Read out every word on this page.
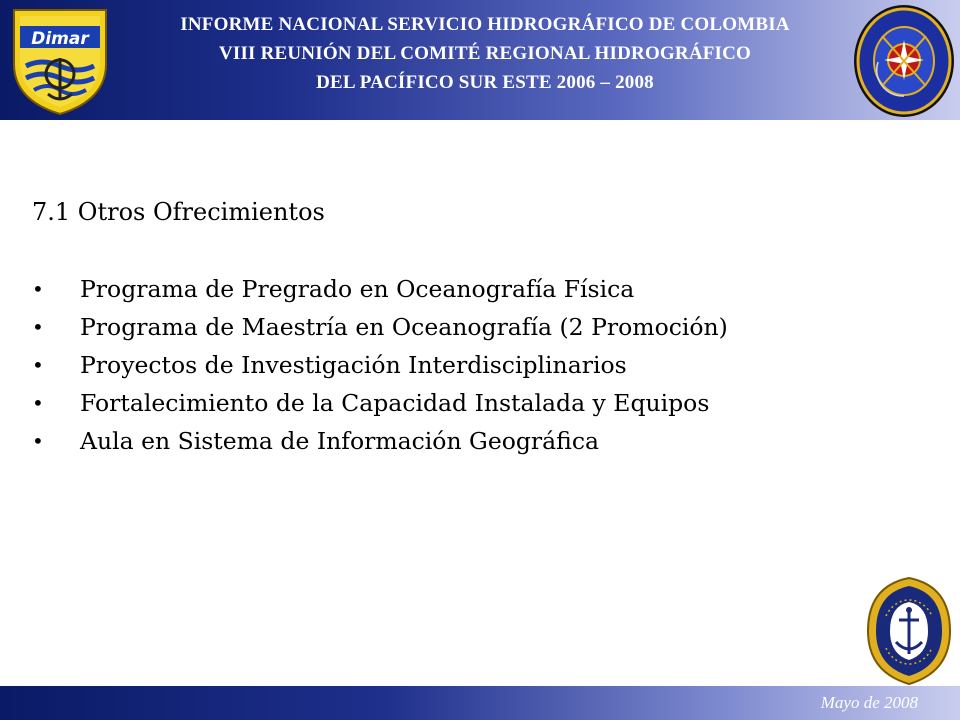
Dimar
INFORME NACIONAL SERVICIO HIDROGRÁFICO DE COLOMBIA
VIII REUNIÓN DEL COMITÉ REGIONAL HIDROGRÁFICO
DEL PACÍFICO SUR ESTE 2006 – 2008
7.1 Otros Ofrecimientos
•	Programa de Pregrado en Oceanografía Física
•	Programa de Maestría en Oceanografía (2 Promoción)
•	Proyectos de Investigación Interdisciplinarios
•	Fortalecimiento de la Capacidad Instalada y Equipos
•	Aula en Sistema de Información Geográfica
Mayo de 2008
